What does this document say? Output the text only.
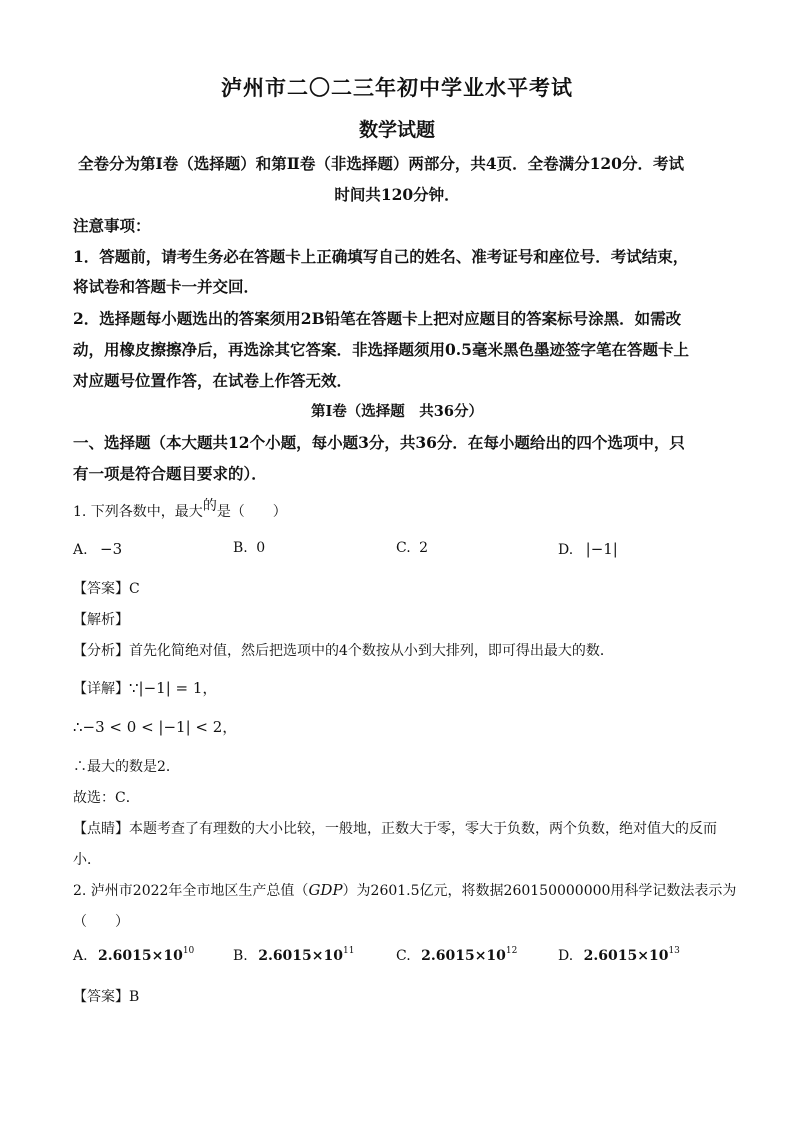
泸州市二〇二三年初中学业水平考试
数学试题
全卷分为第Ⅰ卷（选择题）和第Ⅱ卷（非选择题）两部分，共4页．全卷满分120分．考试
时间共120分钟．
注意事项：
1．答题前，请考生务必在答题卡上正确填写自己的姓名、准考证号和座位号．考试结束，
将试卷和答题卡一并交回．
2．选择题每小题选出的答案须用2B铅笔在答题卡上把对应题目的答案标号涂黑．如需改
动，用橡皮擦擦净后，再选涂其它答案．非选择题须用0.5毫米黑色墨迹签字笔在答题卡上
对应题号位置作答，在试卷上作答无效．
第Ⅰ卷（选择题　共36分）
一、选择题（本大题共12个小题，每小题3分，共36分．在每小题给出的四个选项中，只
有一项是符合题目要求的）．
1. 下列各数中，最大的是（　　）
A. −3	B. 0	C. 2	D. |−1|
【答案】C
【解析】
【分析】首先化简绝对值，然后把选项中的4个数按从小到大排列，即可得出最大的数．
【详解】∵|−1| = 1，
∴−3 < 0 < |−1| < 2，
∴最大的数是2．
故选：C．
【点睛】本题考查了有理数的大小比较，一般地，正数大于零，零大于负数，两个负数，绝对值大的反而
小．
2. 泸州市2022年全市地区生产总值（GDP）为2601.5亿元，将数据260150000000用科学记数法表示为
（　　）
A. $2.6015\times 10^{10}$	B. $2.6015\times 10^{11}$	C. $2.6015\times 10^{12}$	D. $2.6015\times 10^{13}$
【答案】B
